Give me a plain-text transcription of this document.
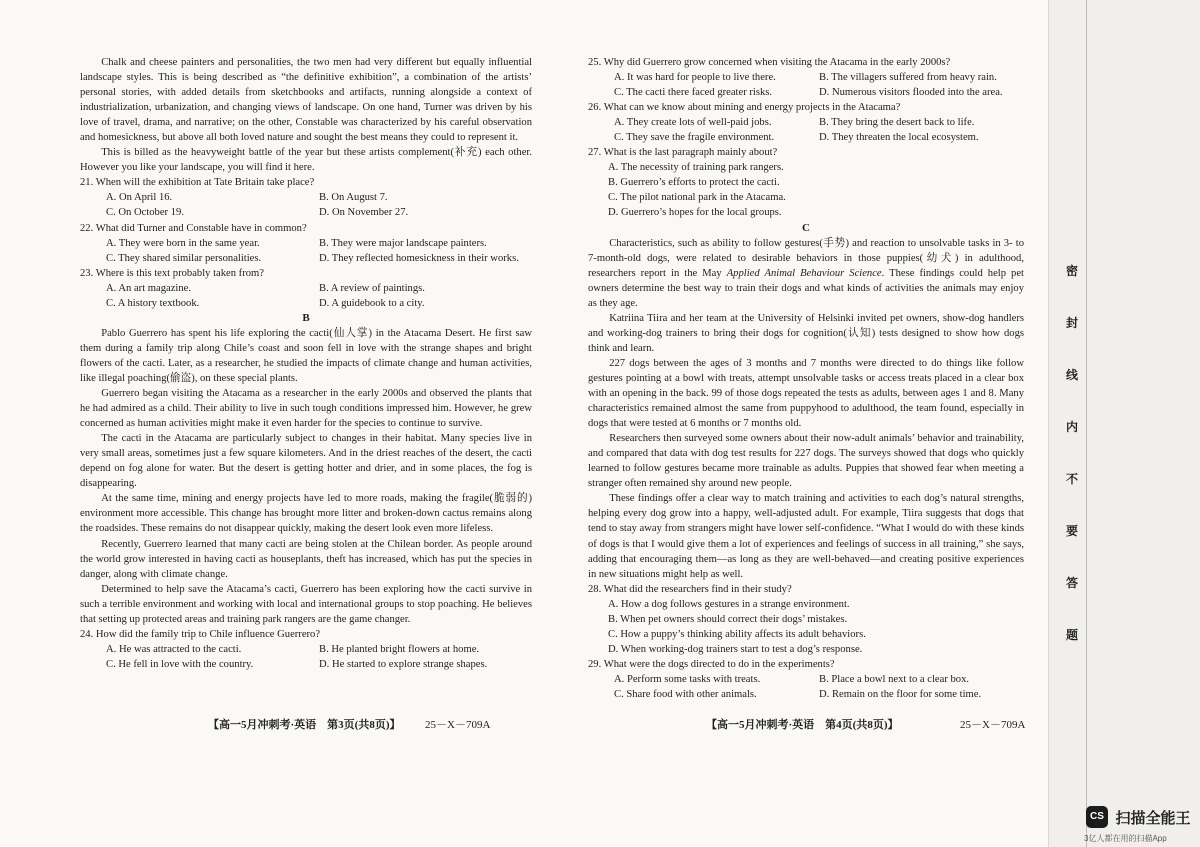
Chalk and cheese painters and personalities, the two men had very different but equally influential landscape styles. This is being described as “the definitive exhibition”, a combination of the artists’ personal stories, with added details from sketchbooks and artifacts, running alongside a context of industrialization, urbanization, and changing views of landscape. On one hand, Turner was driven by his love of travel, drama, and narrative; on the other, Constable was characterized by his careful observation and homesickness, but above all both loved nature and sought the best means they could to represent it.

This is billed as the heavyweight battle of the year but these artists complement(补充) each other. However you like your landscape, you will find it here.

21. When will the exhibition at Tate Britain take place?
A. On April 16.	B. On August 7.
C. On October 19.	D. On November 27.
22. What did Turner and Constable have in common?
A. They were born in the same year.	B. They were major landscape painters.
C. They shared similar personalities.	D. They reflected homesickness in their works.
23. Where is this text probably taken from?
A. An art magazine.	B. A review of paintings.
C. A history textbook.	D. A guidebook to a city.
B

Pablo Guerrero has spent his life exploring the cacti(仙人掌) in the Atacama Desert. He first saw them during a family trip along Chile’s coast and soon fell in love with the strange shapes and bright flowers of the cacti. Later, as a researcher, he studied the impacts of climate change and human activities, like illegal poaching(偷盗), on these special plants.

Guerrero began visiting the Atacama as a researcher in the early 2000s and observed the plants that he had admired as a child. Their ability to live in such tough conditions impressed him. However, he grew concerned as human activities might make it even harder for the species to continue to survive.

The cacti in the Atacama are particularly subject to changes in their habitat. Many species live in very small areas, sometimes just a few square kilometers. And in the driest reaches of the desert, the cacti depend on fog alone for water. But the desert is getting hotter and drier, and in some places, the fog is disappearing.

At the same time, mining and energy projects have led to more roads, making the fragile(脆弱的) environment more accessible. This change has brought more litter and broken-down cactus remains along the roadsides. These remains do not disappear quickly, making the desert look even more lifeless.

Recently, Guerrero learned that many cacti are being stolen at the Chilean border. As people around the world grow interested in having cacti as houseplants, theft has increased, which has put the species in danger, along with climate change.

Determined to help save the Atacama’s cacti, Guerrero has been exploring how the cacti survive in such a terrible environment and working with local and international groups to stop poaching. He believes that setting up protected areas and training park rangers are the game changer.

24. How did the family trip to Chile influence Guerrero?
A. He was attracted to the cacti.	B. He planted bright flowers at home.
C. He fell in love with the country.	D. He started to explore strange shapes.
【高一5月冲刺考·英语　第3页(共8页)】 25－X－709A
25. Why did Guerrero grow concerned when visiting the Atacama in the early 2000s?
A. It was hard for people to live there.	B. The villagers suffered from heavy rain.
C. The cacti there faced greater risks.	D. Numerous visitors flooded into the area.
26. What can we know about mining and energy projects in the Atacama?
A. They create lots of well-paid jobs.	B. They bring the desert back to life.
C. They save the fragile environment.	D. They threaten the local ecosystem.
27. What is the last paragraph mainly about?
A. The necessity of training park rangers.
B. Guerrero’s efforts to protect the cacti.
C. The pilot national park in the Atacama.
D. Guerrero’s hopes for the local groups.
C

Characteristics, such as ability to follow gestures(手势) and reaction to unsolvable tasks in 3- to 7-month-old dogs, were related to desirable behaviors in those puppies(幼犬) in adulthood, researchers report in the May Applied Animal Behaviour Science. These findings could help pet owners determine the best way to train their dogs and what kinds of activities the animals may enjoy as they age.

Katriina Tiira and her team at the University of Helsinki invited pet owners, show-dog handlers and working-dog trainers to bring their dogs for cognition(认知) tests designed to show how dogs think and learn.

227 dogs between the ages of 3 months and 7 months were directed to do things like follow gestures pointing at a bowl with treats, attempt unsolvable tasks or access treats placed in a clear box with an opening in the back. 99 of those dogs repeated the tests as adults, between ages 1 and 8. Many characteristics remained almost the same from puppyhood to adulthood, the team found, especially in dogs that were tested at 6 months or 7 months old.

Researchers then surveyed some owners about their now-adult animals’ behavior and trainability, and compared that data with dog test results for 227 dogs. The surveys showed that dogs who quickly learned to follow gestures became more trainable as adults. Puppies that showed fear when meeting a stranger often remained shy around new people.

These findings offer a clear way to match training and activities to each dog’s natural strengths, helping every dog grow into a happy, well-adjusted adult. For example, Tiira suggests that dogs that tend to stay away from strangers might have lower self-confidence. “What I would do with these kinds of dogs is that I would give them a lot of experiences and feelings of success in all training,” she says, adding that encouraging them—as long as they are well-behaved—and creating positive experiences in new situations might help as well.

28. What did the researchers find in their study?
A. How a dog follows gestures in a strange environment.
B. When pet owners should correct their dogs’ mistakes.
C. How a puppy’s thinking ability affects its adult behaviors.
D. When working-dog trainers start to test a dog’s response.
29. What were the dogs directed to do in the experiments?
A. Perform some tasks with treats.	B. Place a bowl next to a clear box.
C. Share food with other animals.	D. Remain on the floor for some time.
【高一5月冲刺考·英语　第4页(共8页)】	25－X－709A
密
封
线
内
不
要
答
题
CS 扫描全能王
3亿人都在用的扫描App
